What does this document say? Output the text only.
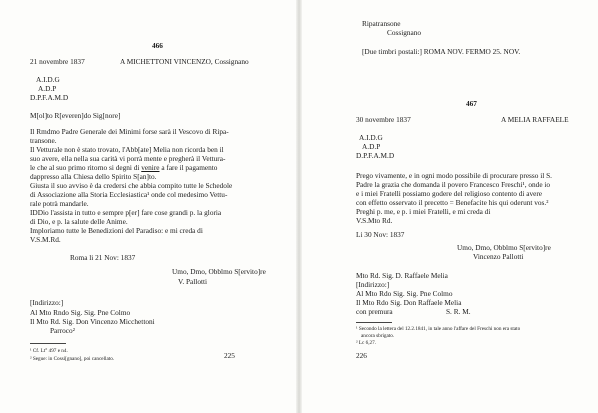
466
21 novembre 1837	A MICHETTONI VINCENZO, Cossignano
A.I.D.G
A.D.P
D.P.F.A.M.D
M[ol]to R[everen]do Sig[nore]
Il Rmdmo Padre Generale dei Minimi forse sarà il Vescovo di Ripa-
transone.
Il Vetturale non è stato trovato, l'Abb[ate] Melia non ricorda ben il
suo avere, ella nella sua carità vi porrà mente e pregherà il Vettura-
le che al suo primo ritorno si degni di venire a fare il pagamento
dappresso alla Chiesa dello Spirito S[an]to.
Giusta il suo avviso è da credersi che abbia compito tutte le Schedole
di Associazione alla Storia Ecclesiastica¹ onde col medesimo Vettu-
rale potrà mandarle.
IDDio l'assista in tutto e sempre p[er] fare cose grandi p. la gloria
di Dio, e p. la salute delle Anime.
Imploriamo tutte le Benedizioni del Paradiso: e mi creda di
V.S.M.Rd.
Roma li 21 Nov: 1837
Umo, Dmo, Obblmo S[ervito]re
V. Pallotti
[Indirizzo:]
Al Mto Rndo Sig. Sig. Pne Colmo
Il Mto Rd. Sig. Don Vincenzo Micchettoni
Parroco²
¹ Cf. Lt° 497 e n4.
² Segue: in Cossi[gnano], poi cancellato.	225
Ripatransone
Cossignano
[Due timbri postali:] ROMA NOV. FERMO 25. NOV.
467
30 novembre 1837	A MELIA RAFFAELE
A.I.D.G
A.D.P
D.P.F.A.M.D
Prego vivamente, e in ogni modo possibile di procurare presso il S.
Padre la grazia che domanda il povero Francesco Freschi¹, onde io
e i miei Fratelli possiamo godere del religioso contento di avere
con effetto osservato il precetto = Benefacite his qui oderunt vos.²
Preghi p. me, e p. i miei Fratelli, e mi creda di
V.S.Mto Rd.
Li 30 Nov: 1837
Umo, Dmo, Obblmo S[ervito]re
Vincenzo Pallotti
Mto Rd. Sig. D. Raffaele Melia
[Indirizzo:]
Al Mto Rdo Sig. Sig. Pne Colmo
Il Mto Rdo Sig. Don Raffaele Melia
con premura	S. R. M.
¹ Secondo la lettera del 12.2.1841, in tale anno l'affare del Freschi non era stato
ancora sbrigato.
² Lc 6,27.
226
